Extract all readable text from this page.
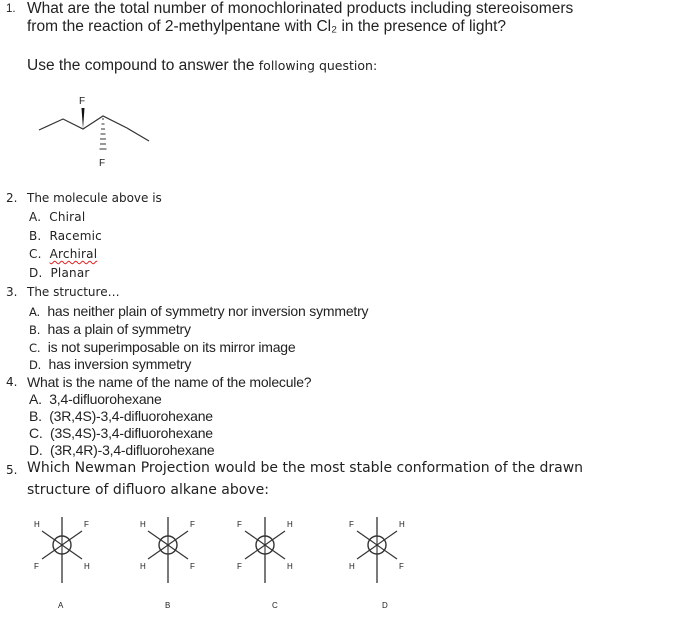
1. What are the total number of monochlorinated products including stereoisomers
from the reaction of 2-methylpentane with Cl₂ in the presence of light?
Use the compound to answer the following question:
F
F
2. The molecule above is
A. Chiral
B. Racemic
C. Archiral
D. Planar
3. The structure…
A. has neither plain of symmetry nor inversion symmetry
B. has a plain of symmetry
C. is not superimposable on its mirror image
D. has inversion symmetry
4. What is the name of the name of the molecule?
A. 3,4-difluorohexane
B. (3R,4S)-3,4-difluorohexane
C. (3S,4S)-3,4-difluorohexane
D. (3R,4R)-3,4-difluorohexane
5. Which Newman Projection would be the most stable conformation of the drawn
structure of difluoro alkane above:
H	F
F	H
A
H	F
H	F
B
F	H
F	H
C
F	H
H	F
D
